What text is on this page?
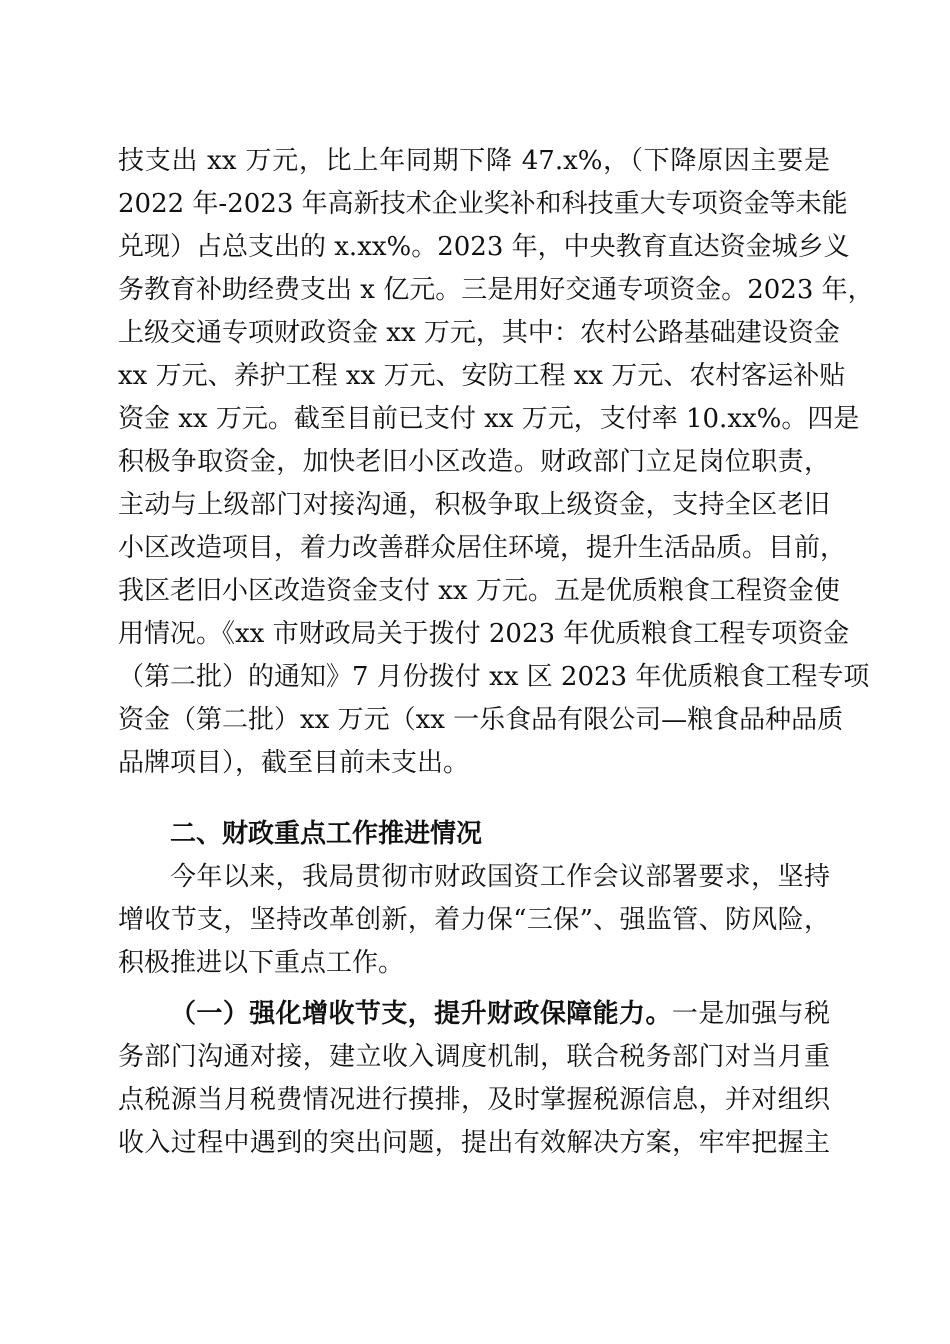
技支出 xx 万元，比上年同期下降 47.x%，（下降原因主要是
2022 年-2023 年高新技术企业奖补和科技重大专项资金等未能
兑现）占总支出的 x.xx%。2023 年，中央教育直达资金城乡义
务教育补助经费支出 x 亿元。三是用好交通专项资金。2023 年，
上级交通专项财政资金 xx 万元，其中：农村公路基础建设资金
xx 万元、养护工程 xx 万元、安防工程 xx 万元、农村客运补贴
资金 xx 万元。截至目前已支付 xx 万元，支付率 10.xx%。四是
积极争取资金，加快老旧小区改造。财政部门立足岗位职责，
主动与上级部门对接沟通，积极争取上级资金，支持全区老旧
小区改造项目，着力改善群众居住环境，提升生活品质。目前，
我区老旧小区改造资金支付 xx 万元。五是优质粮食工程资金使
用情况。《xx 市财政局关于拨付 2023 年优质粮食工程专项资金
（第二批）的通知》7 月份拨付 xx 区 2023 年优质粮食工程专项
资金（第二批）xx 万元（xx 一乐食品有限公司—粮食品种品质
品牌项目），截至目前未支出。
二、财政重点工作推进情况
今年以来，我局贯彻市财政国资工作会议部署要求，坚持
增收节支，坚持改革创新，着力保“三保”、强监管、防风险，
积极推进以下重点工作。
（一）强化增收节支，提升财政保障能力。一是加强与税
务部门沟通对接，建立收入调度机制，联合税务部门对当月重
点税源当月税费情况进行摸排，及时掌握税源信息，并对组织
收入过程中遇到的突出问题，提出有效解决方案，牢牢把握主
